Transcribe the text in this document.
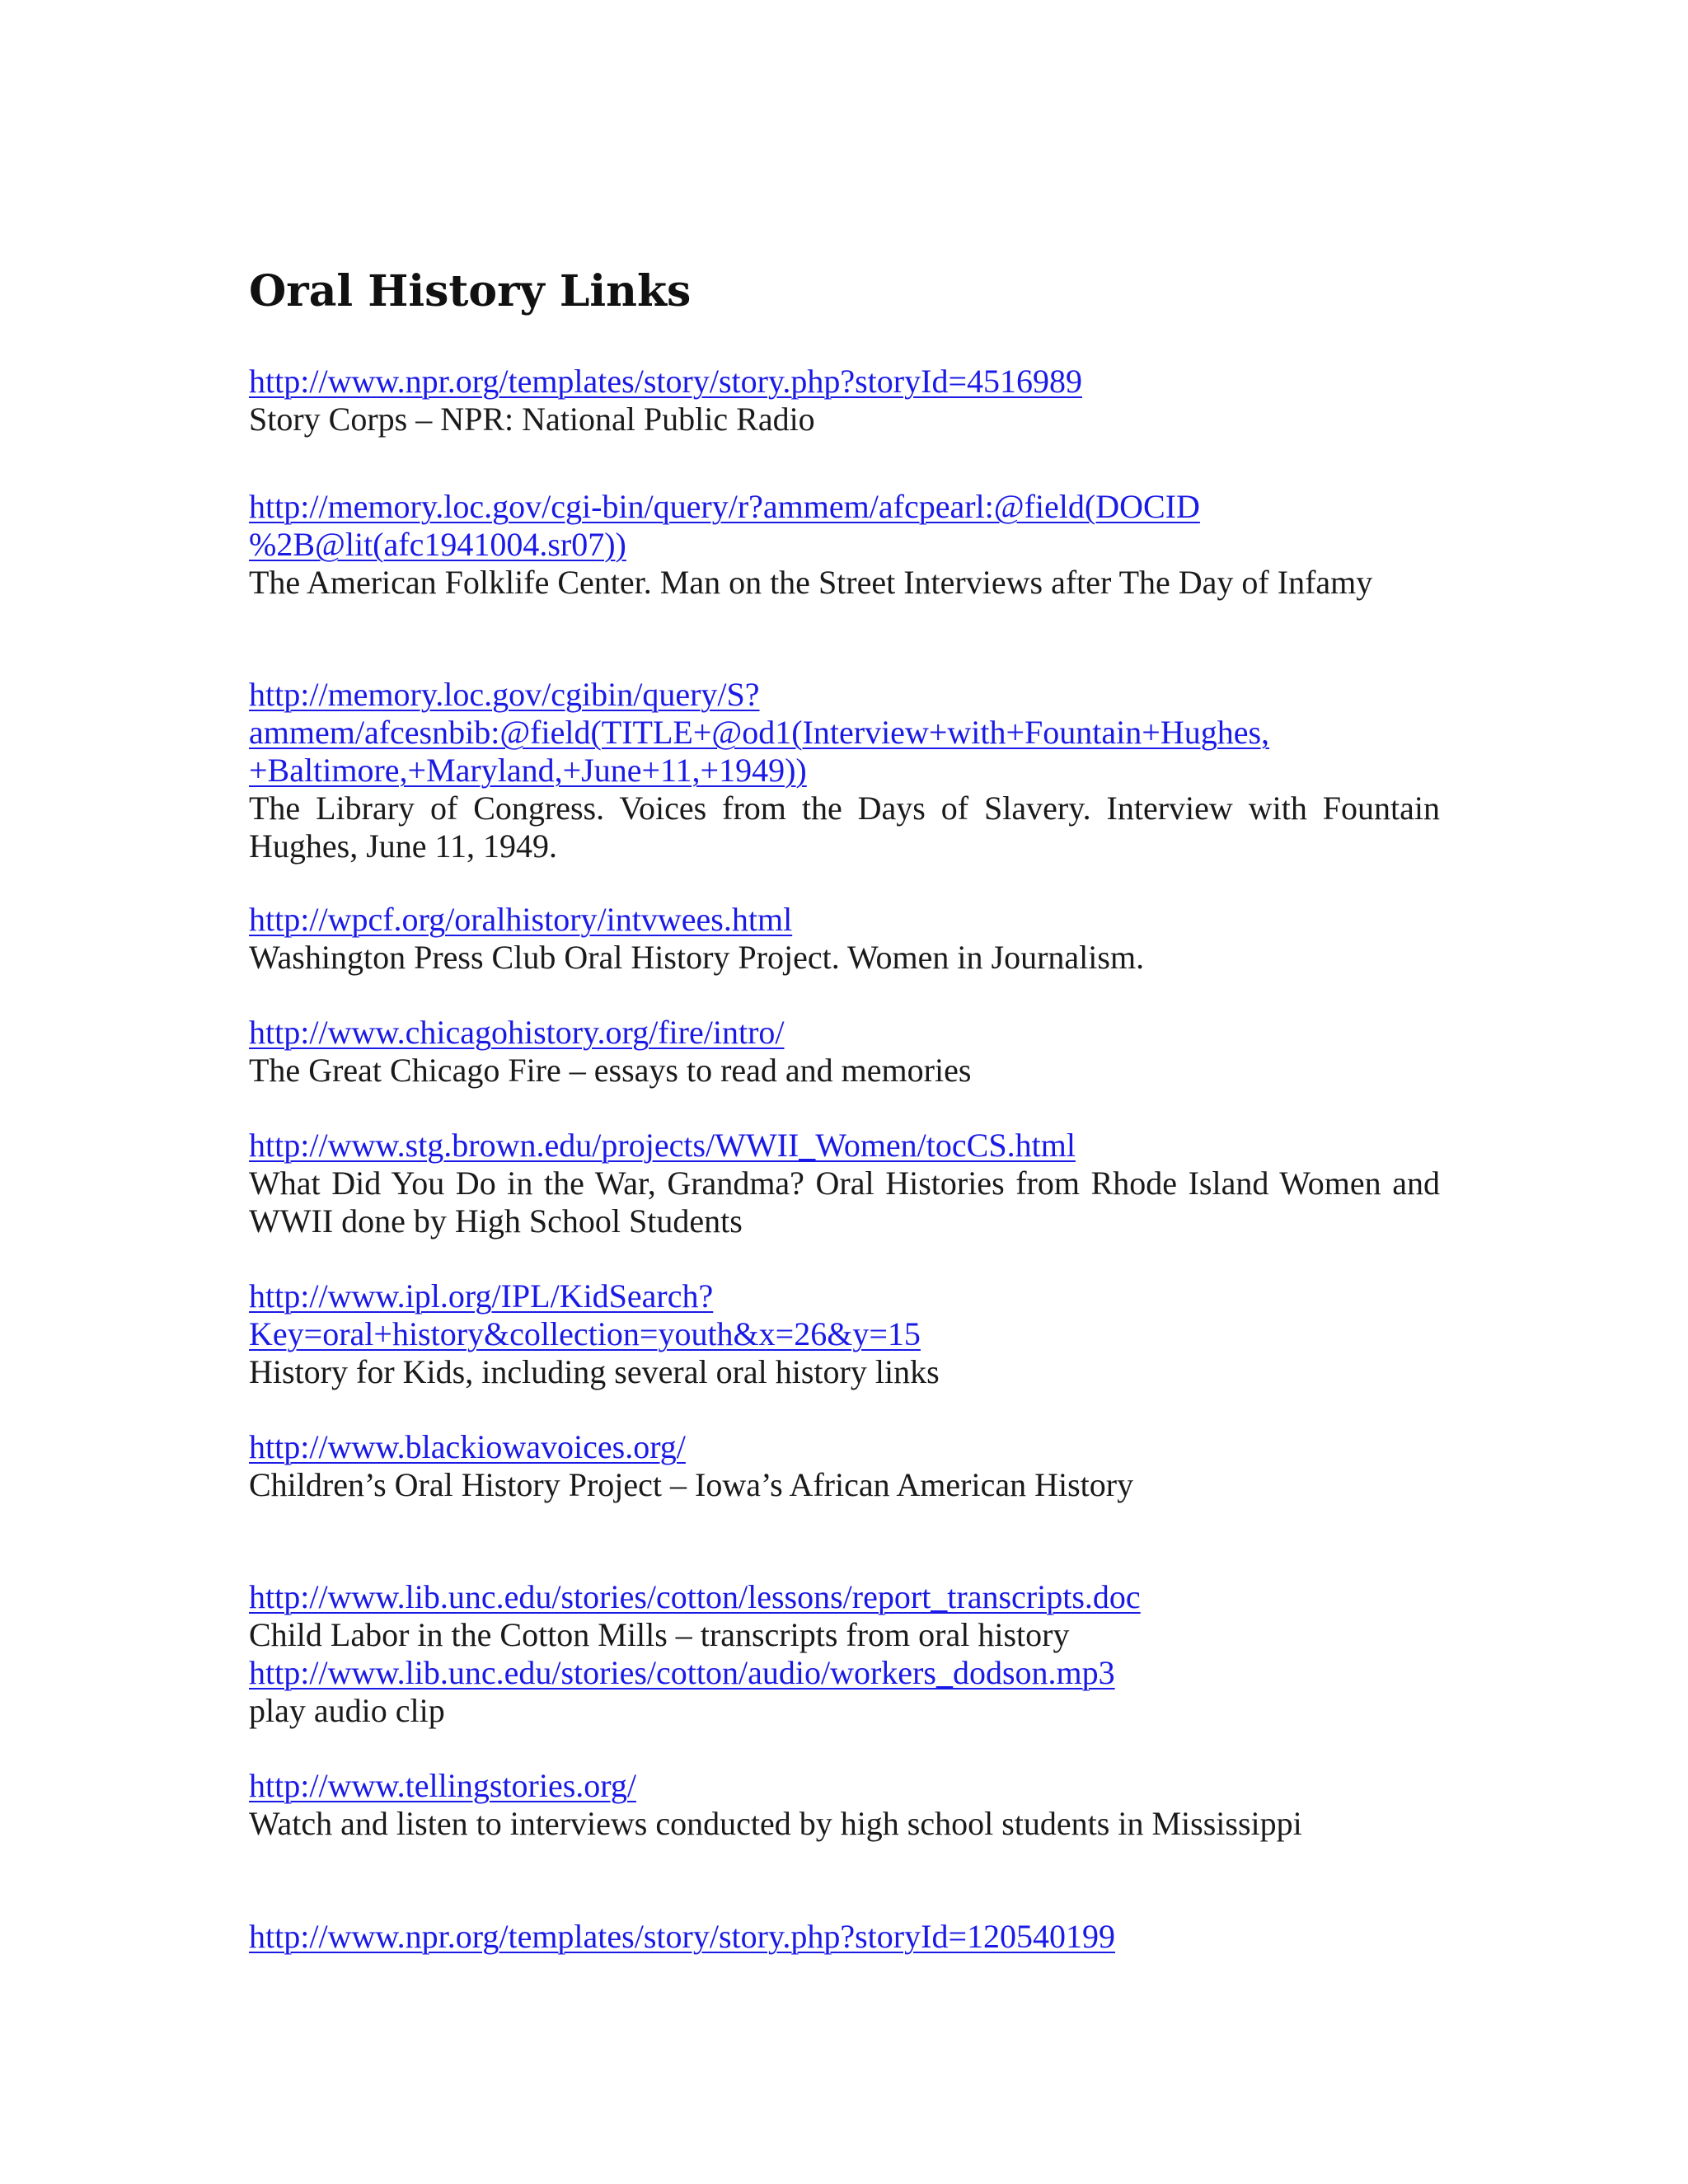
Oral History Links
http://www.npr.org/templates/story/story.php?storyId=4516989
Story Corps – NPR: National Public Radio
http://memory.loc.gov/cgi-bin/query/r?ammem/afcpearl:@field(DOCID
%2B@lit(afc1941004.sr07))
The American Folklife Center. Man on the Street Interviews after The Day of Infamy
http://memory.loc.gov/cgibin/query/S?
ammem/afcesnbib:@field(TITLE+@od1(Interview+with+Fountain+Hughes,
+Baltimore,+Maryland,+June+11,+1949))
The Library of Congress. Voices from the Days of Slavery. Interview with Fountain Hughes, June 11, 1949.
http://wpcf.org/oralhistory/intvwees.html
Washington Press Club Oral History Project. Women in Journalism.
http://www.chicagohistory.org/fire/intro/
The Great Chicago Fire – essays to read and memories
http://www.stg.brown.edu/projects/WWII_Women/tocCS.html
What Did You Do in the War, Grandma? Oral Histories from Rhode Island Women and WWII done by High School Students
http://www.ipl.org/IPL/KidSearch?
Key=oral+history&collection=youth&x=26&y=15
History for Kids, including several oral history links
http://www.blackiowavoices.org/
Children’s Oral History Project – Iowa’s African American History
http://www.lib.unc.edu/stories/cotton/lessons/report_transcripts.doc
Child Labor in the Cotton Mills – transcripts from oral history
http://www.lib.unc.edu/stories/cotton/audio/workers_dodson.mp3
play audio clip
http://www.tellingstories.org/
Watch and listen to interviews conducted by high school students in Mississippi
http://www.npr.org/templates/story/story.php?storyId=120540199
